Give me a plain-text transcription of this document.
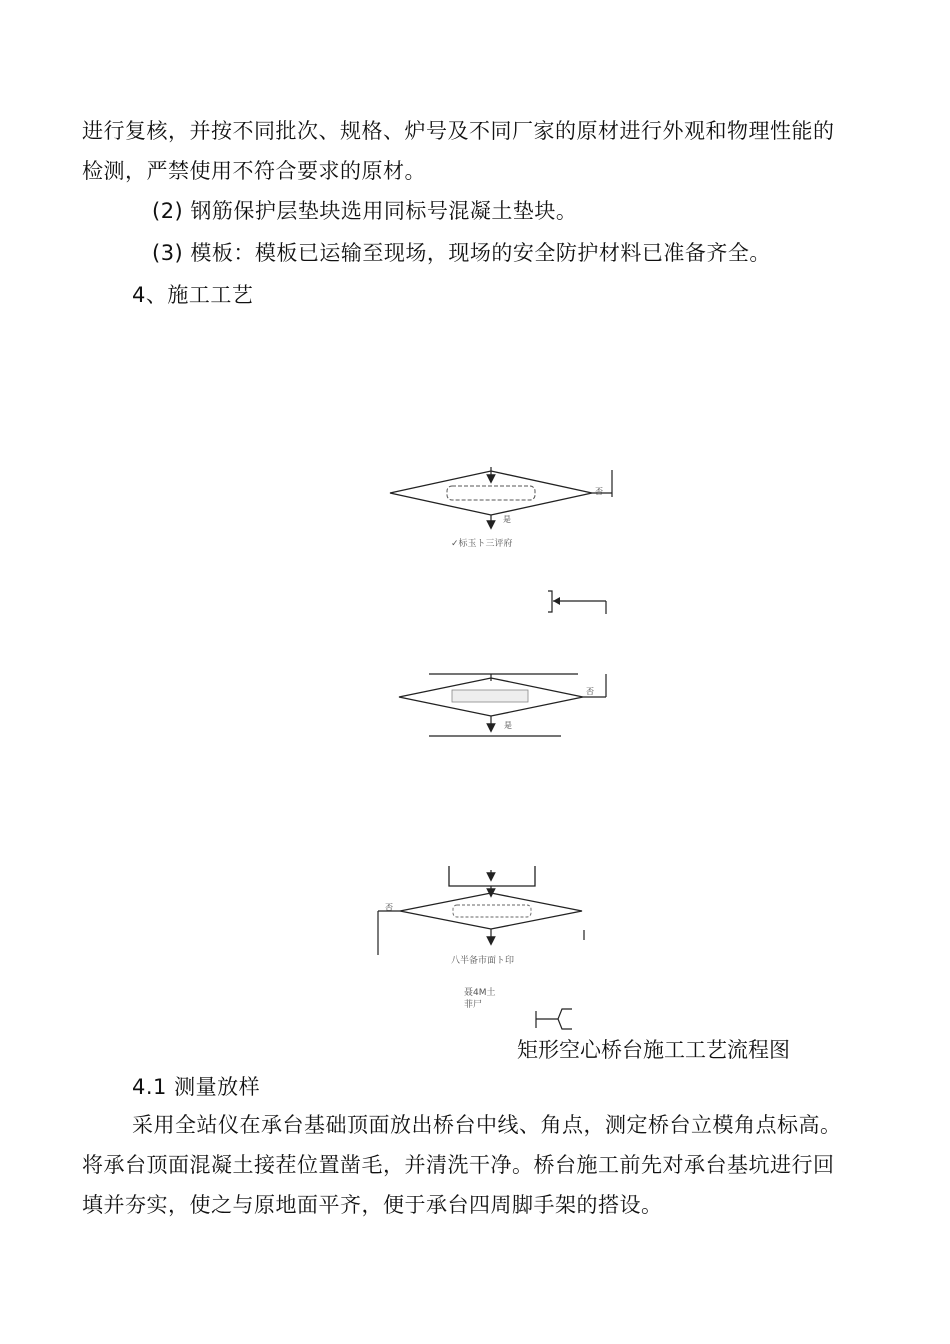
进行复核，并按不同批次、规格、炉号及不同厂家的原材进行外观和物理性能的
检测，严禁使用不符合要求的原材。
(2) 钢筋保护层垫块选用同标号混凝土垫块。
(3) 模板：模板已运输至现场，现场的安全防护材料已准备齐全。
4、施工工艺
否
是
✓标玉ト三评府
否
是
否
八半备市面ト印
聂4M土
菲尸
矩形空心桥台施工工艺流程图
4.1 测量放样
采用全站仪在承台基础顶面放出桥台中线、角点，测定桥台立模角点标高。
将承台顶面混凝土接茬位置凿毛，并清洗干净。桥台施工前先对承台基坑进行回
填并夯实，使之与原地面平齐，便于承台四周脚手架的搭设。
